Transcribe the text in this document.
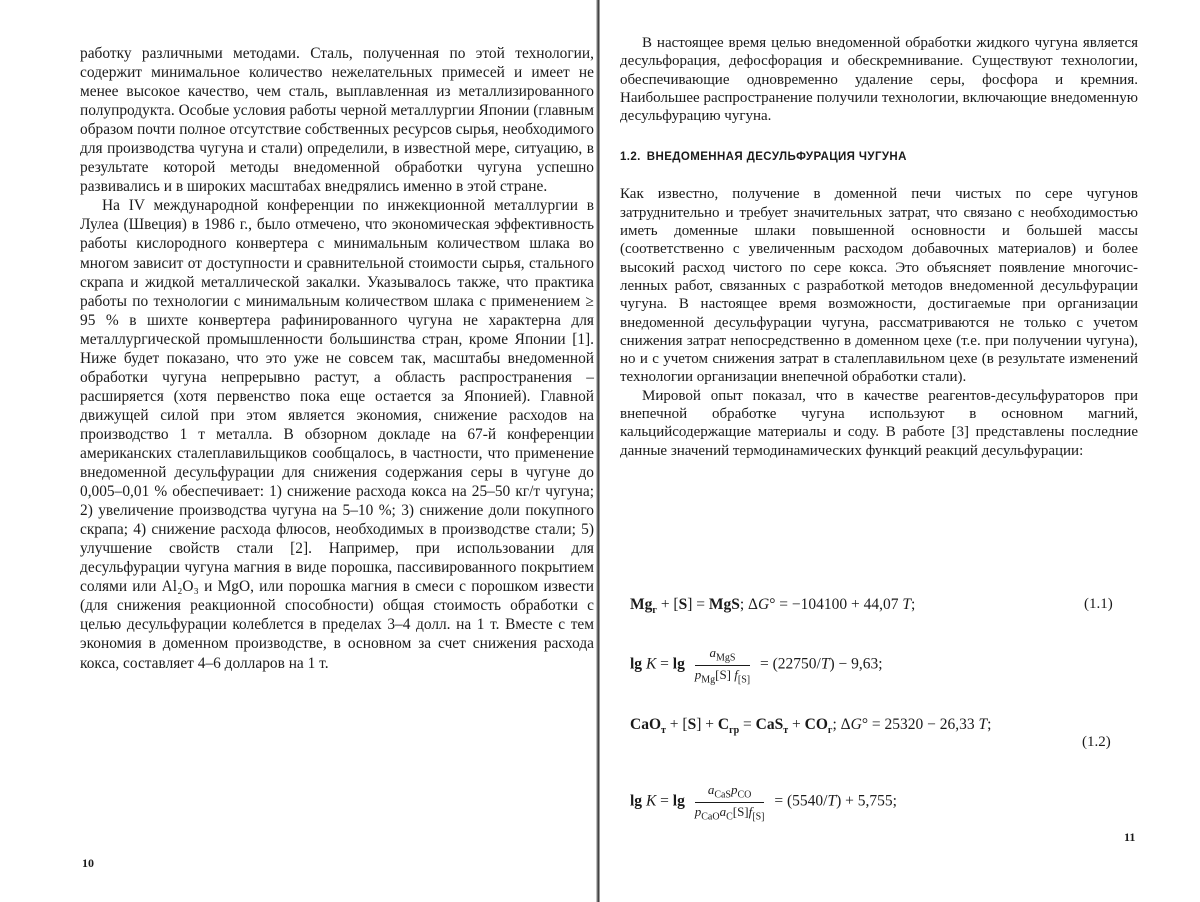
работку различными методами. Сталь, полученная по этой технологии, содержит минимальное количество нежелательных примесей и имеет не менее высокое качество, чем сталь, выплавленная из металлизированного полупродукта. Особые условия работы черной металлургии Японии (главным образом почти полное отсутствие собственных ресурсов сырья, необходимого для производства чугуна и стали) определили, в известной мере, ситуацию, в результате которой методы внедоменной обработки чугуна успешно развивались и в широких масштабах внедрялись именно в этой стране.

На IV международной конференции по инжекционной металлургии в Лулеа (Швеция) в 1986 г., было отмечено, что экономическая эффективность работы кислородного конвертера с минимальным количеством шлака во многом зависит от доступности и сравнительной стоимости сырья, стального скрапа и жидкой металлической закалки. Указывалось также, что практика работы по технологии с минимальным количеством шлака с применением ≥ 95 % в шихте конвертера рафинированного чугуна не характерна для металлургической промышленности большинства стран, кроме Японии [1]. Ниже будет показано, что это уже не совсем так, масштабы внедоменной обработки чугуна непрерывно растут, а область распространения – расширяется (хотя первенство пока еще остается за Японией). Главной движущей силой при этом является экономия, снижение расходов на производство 1 т металла. В обзорном докладе на 67-й конференции американских сталеплавильщиков сообщалось, в частности, что применение внедоменной десульфурации для снижения содержания серы в чугуне до 0,005–0,01 % обеспечивает: 1) снижение расхода кокса на 25–50 кг/т чугуна; 2) увеличение производства чугуна на 5–10 %; 3) снижение доли покупного скрапа; 4) снижение расхода флюсов, необходимых в производстве стали; 5) улучшение свойств стали [2]. Например, при использовании для десульфурации чугуна магния в виде порошка, пассивированного покрытием солями или Al₂O₃ и MgO, или порошка магния в смеси с порошком извести (для снижения реакционной способности) общая стоимость обработки с целью десульфурации колеблется в пределах 3–4 долл. на 1 т. Вместе с тем экономия в доменном производстве, в основном за счет снижения расхода кокса, составляет 4–6 долларов на 1 т.

10

В настоящее время целью внедоменной обработки жидкого чугуна является десульфорация, дефосфорация и обескремнивание. Существуют технологии, обеспечивающие одновременно удаление серы, фосфора и кремния. Наибольшее распространение получили технологии, включающие внедоменную десульфурацию чугуна.

1.2. ВНЕДОМЕННАЯ ДЕСУЛЬФУРАЦИЯ ЧУГУНА

Как известно, получение в доменной печи чистых по сере чугунов затруднительно и требует значительных затрат, что связано с необходимостью иметь доменные шлаки повышенной основности и большей массы (соответственно с увеличенным расходом добавочных материалов) и более высокий расход чистого по сере кокса. Это объясняет появление многочисленных работ, связанных с разработкой методов внедоменной десульфурации чугуна. В настоящее время возможности, достигаемые при организации внедоменной десульфурации чугуна, рассматриваются не только с учетом снижения затрат непосредственно в доменном цехе (т.е. при получении чугуна), но и с учетом снижения затрат в сталеплавильном цехе (в результате изменений технологии организации внепечной обработки стали).

Мировой опыт показал, что в качестве реагентов-десульфураторов при внепечной обработке чугуна используют в основном магний, кальцийсодержащие материалы и соду. В работе [3] представлены последние данные значений термодинамических функций реакций десульфурации:

$Mg_г + [S]$ = MgS; ΔG° = −104100 + 44,07 T;	(1.1)
$\lg K = \lg \frac{a_{MgS}}{p_{Mg}[S] f_{[S]}} = (22750/T) - 9,63$;
$CaO_т + [S] + C_{гр} = CaS_т + CO_г$; ΔG° = 25320 − 26,33 T;
(1.2)
$\lg K = \lg \frac{a_{CaS}p_{CO}}{p_{CaO}a_C[S]f_{[S]}} = (5540/T) + 5,755$;
11
